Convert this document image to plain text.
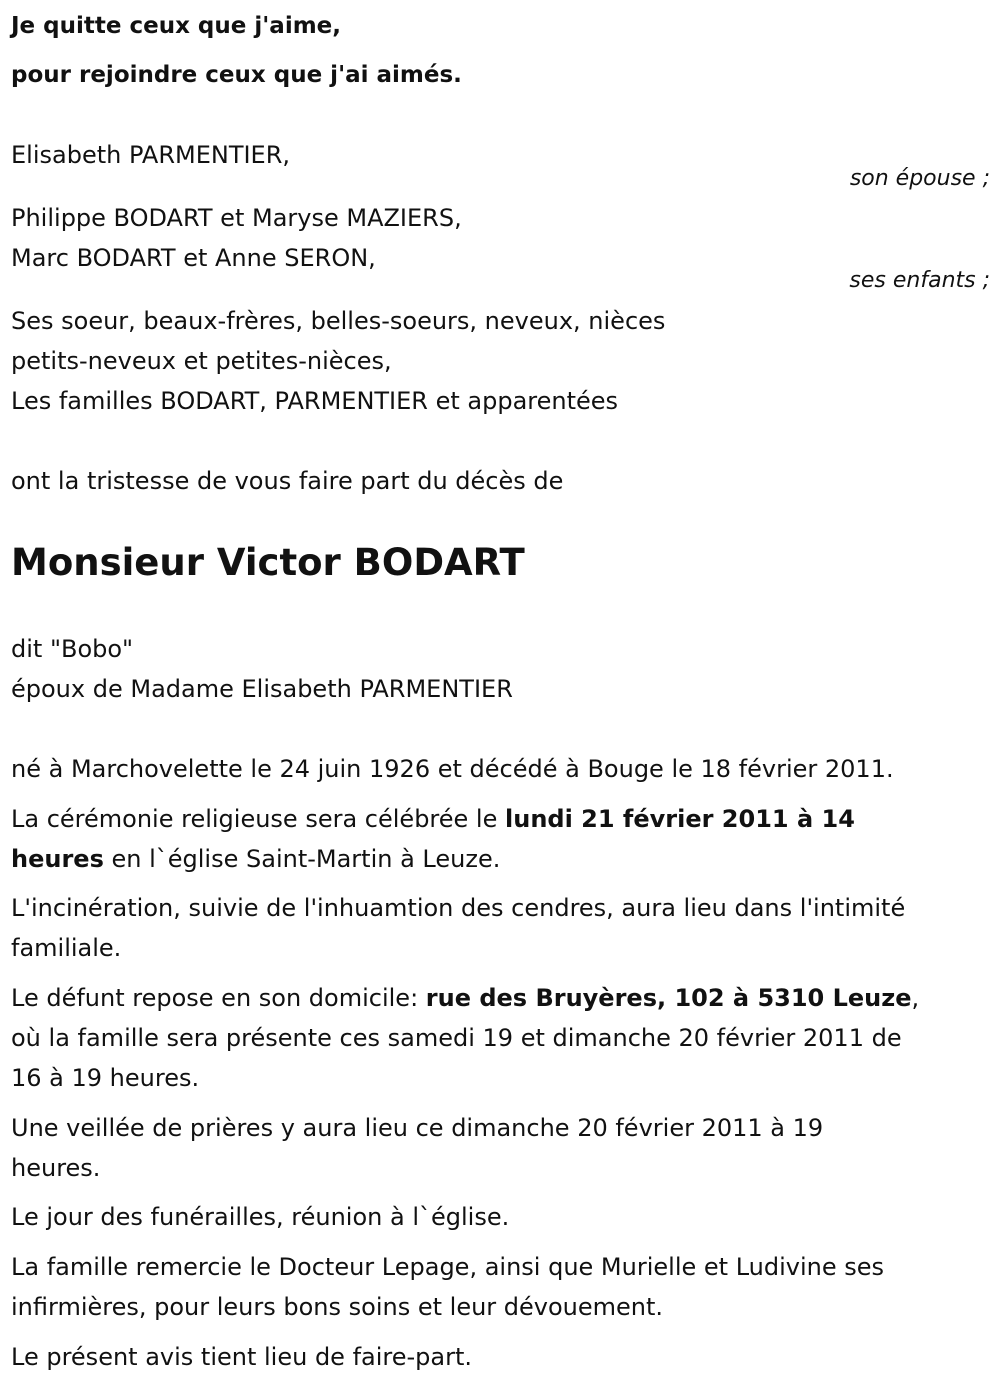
Je quitte ceux que j'aime,

pour rejoindre ceux que j'ai aimés.

Elisabeth PARMENTIER,

son épouse ;

Philippe BODART et Maryse MAZIERS,

Marc BODART et Anne SERON,

ses enfants ;

Ses soeur, beaux-frères, belles-soeurs, neveux, nièces

petits-neveux et petites-nièces,

Les familles BODART, PARMENTIER et apparentées

ont la tristesse de vous faire part du décès de

Monsieur Victor BODART

dit "Bobo"

époux de Madame Elisabeth PARMENTIER

né à Marchovelette le 24 juin 1926 et décédé à Bouge le 18 février 2011.

La cérémonie religieuse sera célébrée le lundi 21 février 2011 à 14

heures en l`église Saint-Martin à Leuze.

L'incinération, suivie de l'inhuamtion des cendres, aura lieu dans l'intimité

familiale.

Le défunt repose en son domicile: rue des Bruyères, 102 à 5310 Leuze,

où la famille sera présente ces samedi 19 et dimanche 20 février 2011 de

16 à 19 heures.

Une veillée de prières y aura lieu ce dimanche 20 février 2011 à 19

heures.

Le jour des funérailles, réunion à l`église.

La famille remercie le Docteur Lepage, ainsi que Murielle et Ludivine ses

infirmières, pour leurs bons soins et leur dévouement.

Le présent avis tient lieu de faire-part.
